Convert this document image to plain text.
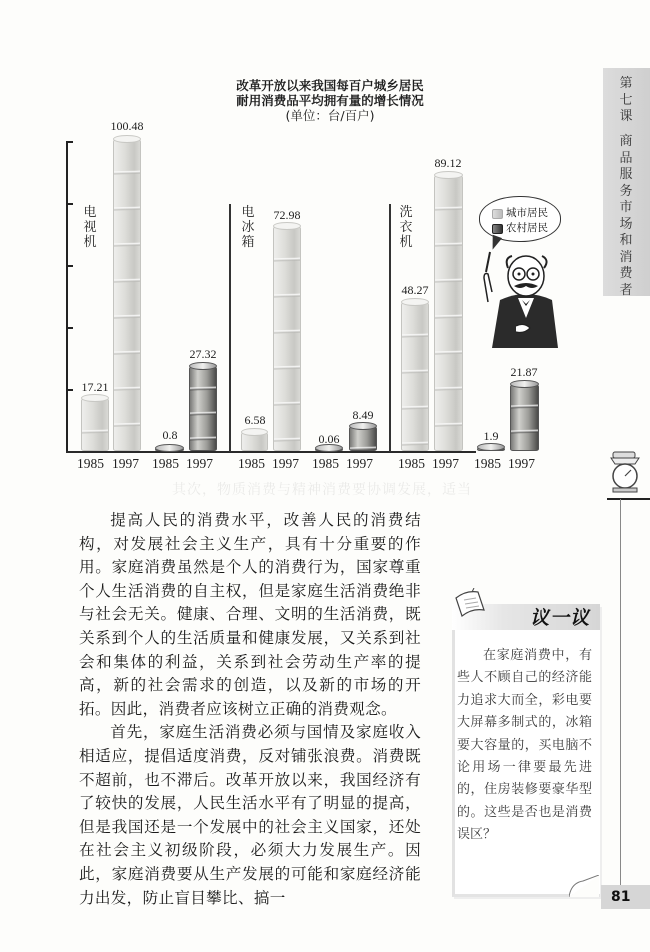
改革开放以来我国每百户城乡居民
耐用消费品平均拥有量的增长情况
(单位：台/百户)
电视机
电冰箱
洗衣机
17.21
100.48
0.8
27.32
6.58
72.98
0.06
8.49
48.27
89.12
1.9
21.87
1985 1997 1985 1997 1985 1997 1985 1997 1985 1997 1985 1997
城市居民
农村居民
第七课
商品服务市场和消费者
其次，物质消费与精神消费要协调发展，适当

提高人民的消费水平，改善人民的消费结构，对发展社会主义生产，具有十分重要的作用。家庭消费虽然是个人的消费行为，国家尊重个人生活消费的自主权，但是家庭生活消费绝非与社会无关。健康、合理、文明的生活消费，既关系到个人的生活质量和健康发展，又关系到社会和集体的利益，关系到社会劳动生产率的提高，新的社会需求的创造，以及新的市场的开拓。因此，消费者应该树立正确的消费观念。

首先，家庭生活消费必须与国情及家庭收入相适应，提倡适度消费，反对铺张浪费。消费既不超前，也不滞后。改革开放以来，我国经济有了较快的发展，人民生活水平有了明显的提高，但是我国还是一个发展中的社会主义国家，还处在社会主义初级阶段，必须大力发展生产。因此，家庭消费要从生产发展的可能和家庭经济能力出发，防止盲目攀比、搞一

议一议

在家庭消费中，有些人不顾自己的经济能力追求大而全，彩电要大屏幕多制式的，冰箱要大容量的，买电脑不论用场一律要最先进的，住房装修要豪华型的。这些是否也是消费误区？

81
